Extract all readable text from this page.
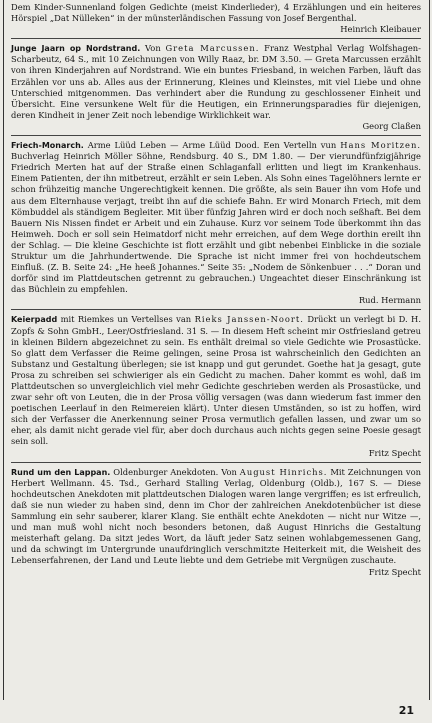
Dem Kinder-Sunnenland folgen Gedichte (meist Kinderlieder), 4 Erzählungen und ein heiteres Hörspiel „Dat Nülleken“ in der münsterländischen Fassung von Josef Bergenthal.

Heinrich Kleibauer

Junge Jaarn op Nordstrand. Von Greta Marcussen. Franz Westphal Verlag Wolfshagen-Scharbeutz, 64 S., mit 10 Zeichnungen von Willy Raaz, br. DM 3.50. — Greta Marcussen erzählt von ihren Kinderjahren auf Nordstrand. Wie ein buntes Friesband, in weichen Farben, läuft das Erzählen vor uns ab. Alles aus der Erinnerung, Kleines und Kleinstes, mit viel Liebe und ohne Unterschied mitgenommen. Das verhindert aber die Rundung zu geschlossener Einheit und Übersicht. Eine versunkene Welt für die Heutigen, ein Erinnerungsparadies für diejenigen, deren Kindheit in jener Zeit noch lebendige Wirklichkeit war.

Georg Claßen

Friech-Monarch. Arme Lüüd Leben — Arme Lüüd Dood. Een Vertelln vun Hans Moritzen. Buchverlag Heinrich Möller Söhne, Rendsburg. 40 S., DM 1.80. — Der vierundfünfzigjährige Friedrich Merten hat auf der Straße einen Schlaganfall erlitten und liegt im Krankenhaus. Einem Patienten, der ihn mitbetreut, erzählt er sein Leben. Als Sohn eines Tagelöhners lernte er schon frühzeitig manche Ungerechtigkeit kennen. Die größte, als sein Bauer ihn vom Hofe und aus dem Elternhause verjagt, treibt ihn auf die schiefe Bahn. Er wird Monarch Friech, mit dem Kömbuddel als ständigem Begleiter. Mit über fünfzig Jahren wird er doch noch seßhaft. Bei dem Bauern Nis Nissen findet er Arbeit und ein Zuhause. Kurz vor seinem Tode überkommt ihn das Heimweh. Doch er soll sein Heimatdorf nicht mehr erreichen, auf dem Wege dorthin ereilt ihn der Schlag. — Die kleine Geschichte ist flott erzählt und gibt nebenbei Einblicke in die soziale Struktur um die Jahrhundertwende. Die Sprache ist nicht immer frei von hochdeutschem Einfluß. (Z. B. Seite 24: „He heeß Johannes.“ Seite 35: „Nodem de Sönkenbuer . . .“ Doran und dorför sind im Plattdeutschen getrennt zu gebrauchen.) Ungeachtet dieser Einschränkung ist das Büchlein zu empfehlen.

Rud. Hermann

Keierpadd mit Riemkes un Vertellses van Rieks Janssen-Noort. Drückt un verlegt bi D. H. Zopfs & Sohn GmbH., Leer/Ostfriesland. 31 S. — In diesem Heft scheint mir Ostfriesland getreu in kleinen Bildern abgezeichnet zu sein. Es enthält dreimal so viele Gedichte wie Prosastücke. So glatt dem Verfasser die Reime gelingen, seine Prosa ist wahrscheinlich den Gedichten an Substanz und Gestaltung überlegen; sie ist knapp und gut gerundet. Goethe hat ja gesagt, gute Prosa zu schreiben sei schwieriger als ein Gedicht zu machen. Daher kommt es wohl, daß im Plattdeutschen so unvergleichlich viel mehr Gedichte geschrieben werden als Prosastücke, und zwar sehr oft von Leuten, die in der Prosa völlig versagen (was dann wiederum fast immer den poetischen Leerlauf in den Reimereien klärt). Unter diesen Umständen, so ist zu hoffen, wird sich der Verfasser die Anerkennung seiner Prosa vermutlich gefallen lassen, und zwar um so eher, als damit nicht gerade viel für, aber doch durchaus auch nichts gegen seine Poesie gesagt sein soll.

Fritz Specht

Rund um den Lappan. Oldenburger Anekdoten. Von August Hinrichs. Mit Zeichnungen von Herbert Wellmann. 45. Tsd., Gerhard Stalling Verlag, Oldenburg (Oldb.), 167 S. — Diese hochdeutschen Anekdoten mit plattdeutschen Dialogen waren lange vergriffen; es ist erfreulich, daß sie nun wieder zu haben sind, denn im Chor der zahlreichen Anekdotenbücher ist diese Sammlung ein sehr sauberer, klarer Klang. Sie enthält echte Anekdoten — nicht nur Witze —, und man muß wohl nicht noch besonders betonen, daß August Hinrichs die Gestaltung meisterhaft gelang. Da sitzt jedes Wort, da läuft jeder Satz seinen wohlabgemessenen Gang, und da schwingt im Untergrunde unaufdringlich verschmitzte Heiterkeit mit, die Weisheit des Lebenserfahrenen, der Land und Leute liebte und dem Getriebe mit Vergnügen zuschaute.

Fritz Specht

21
